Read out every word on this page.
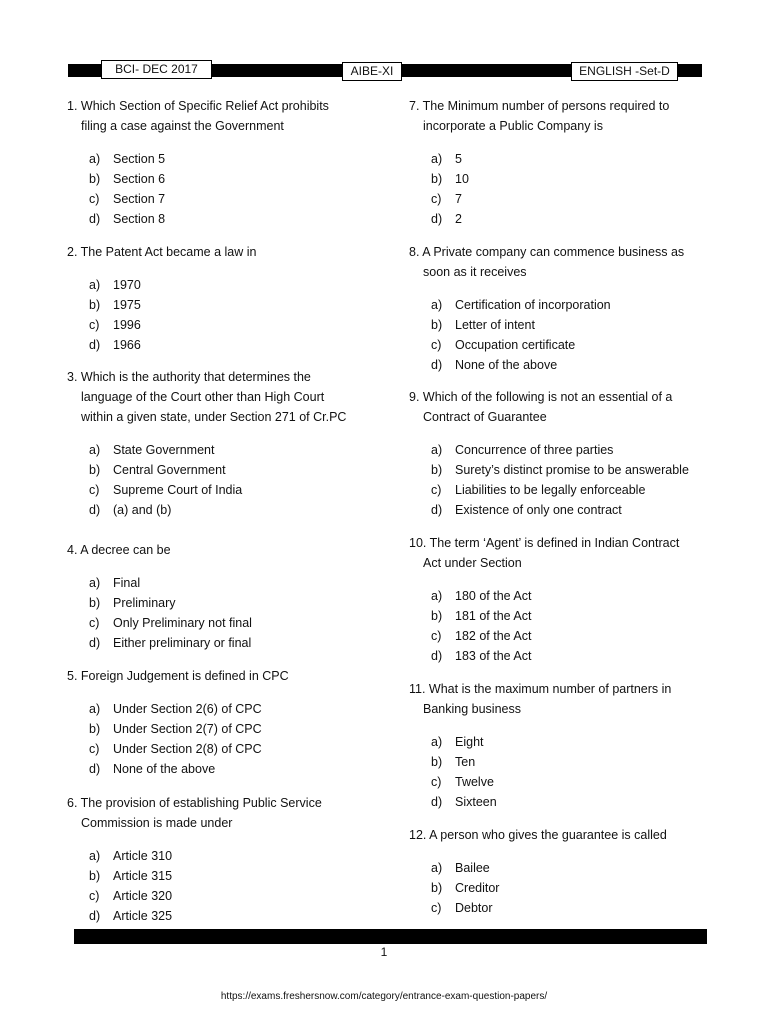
BCI- DEC 2017	AIBE-XI	ENGLISH -Set-D

1. Which Section of Specific Relief Act prohibits
filing a case against the Government

a)	Section 5
b)	Section 6
c)	Section 7
d)	Section 8

2. The Patent Act became a law in

a)	1970
b)	1975
c)	1996
d)	1966

3. Which is the authority that determines the
language of the Court other than High Court
within a given state, under Section 271 of Cr.PC

a)	State Government
b)	Central Government
c)	Supreme Court of India
d)	(a) and (b)

4. A decree can be

a)	Final
b)	Preliminary
c)	Only Preliminary not final
d)	Either preliminary or final

5. Foreign Judgement is defined in CPC

a)	Under Section 2(6) of CPC
b)	Under Section 2(7) of CPC
c)	Under Section 2(8) of CPC
d)	None of the above

6. The provision of establishing Public Service
Commission is made under

a)	Article 310
b)	Article 315
c)	Article 320
d)	Article 325

7. The Minimum number of persons required to
incorporate a Public Company is

a)	5
b)	10
c)	7
d)	2

8. A Private company can commence business as
soon as it receives

a)	Certification of incorporation
b)	Letter of intent
c)	Occupation certificate
d)	None of the above

9. Which of the following is not an essential of a
Contract of Guarantee

a)	Concurrence of three parties
b)	Surety’s distinct promise to be answerable
c)	Liabilities to be legally enforceable
d)	Existence of only one contract

10. The term ‘Agent’ is defined in Indian Contract
Act under Section

a)	180 of the Act
b)	181 of the Act
c)	182 of the Act
d)	183 of the Act

11. What is the maximum number of partners in
Banking business

a)	Eight
b)	Ten
c)	Twelve
d)	Sixteen

12. A person who gives the guarantee is called

a)	Bailee
b)	Creditor
c)	Debtor
1
https://exams.freshersnow.com/category/entrance-exam-question-papers/
